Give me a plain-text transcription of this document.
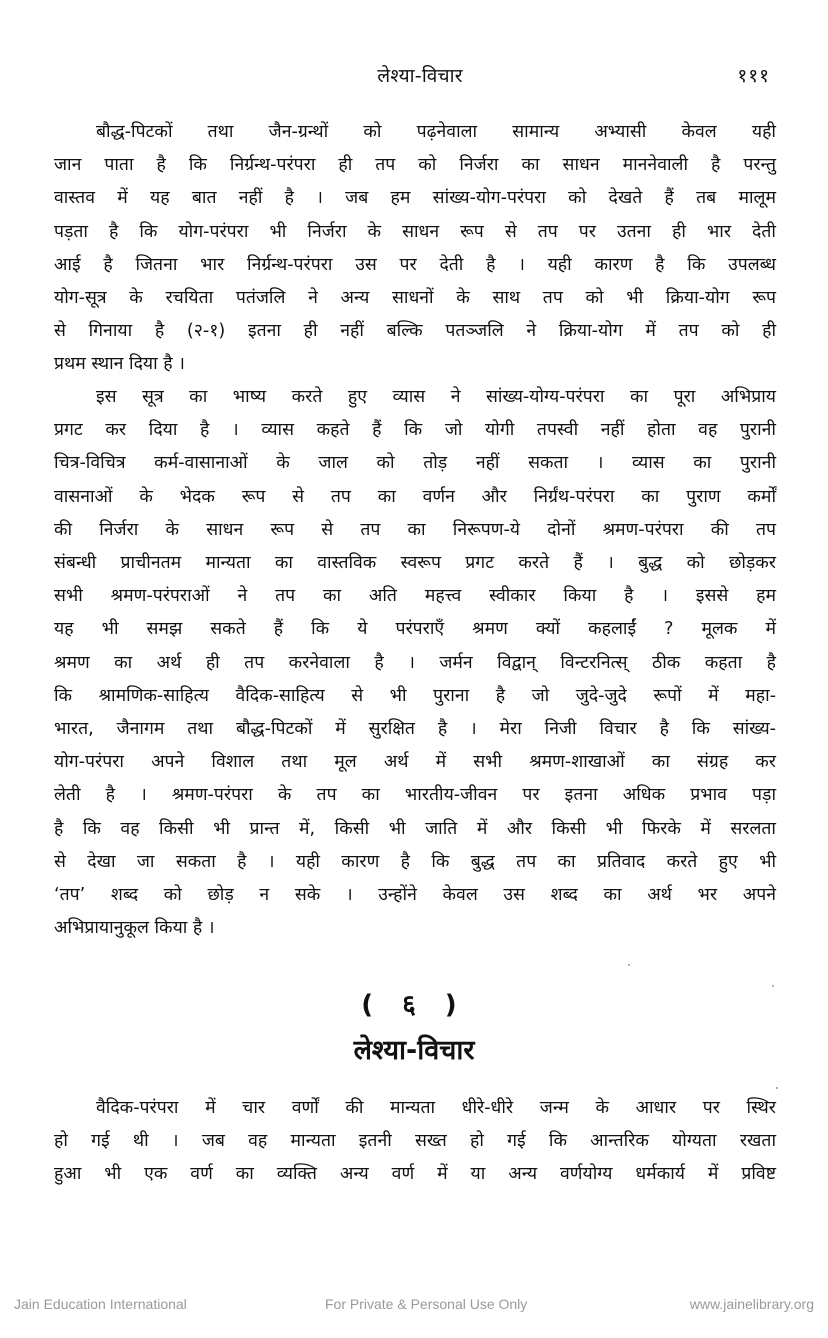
लेश्या-विचार	१११
बौद्ध-पिटकों तथा जैन-ग्रन्थों को पढ़नेवाला सामान्य अभ्यासी केवल यही
जान पाता है कि निर्ग्रन्थ-परंपरा ही तप को निर्जरा का साधन माननेवाली है परन्तु
वास्तव में यह बात नहीं है । जब हम सांख्य-योग-परंपरा को देखते हैं तब मालूम
पड़ता है कि योग-परंपरा भी निर्जरा के साधन रूप से तप पर उतना ही भार देती
आई है जितना भार निर्ग्रन्थ-परंपरा उस पर देती है । यही कारण है कि उपलब्ध
योग-सूत्र के रचयिता पतंजलि ने अन्य साधनों के साथ तप को भी क्रिया-योग रूप
से गिनाया है (२-१) इतना ही नहीं बल्कि पतञ्जलि ने क्रिया-योग में तप को ही
प्रथम स्थान दिया है ।
इस सूत्र का भाष्य करते हुए व्यास ने सांख्य-योग्य-परंपरा का पूरा अभिप्राय
प्रगट कर दिया है । व्यास कहते हैं कि जो योगी तपस्वी नहीं होता वह पुरानी
चित्र-विचित्र कर्म-वासानाओं के जाल को तोड़ नहीं सकता । व्यास का पुरानी
वासनाओं के भेदक रूप से तप का वर्णन और निर्ग्रंथ-परंपरा का पुराण कर्मों
की निर्जरा के साधन रूप से तप का निरूपण-ये दोनों श्रमण-परंपरा की तप
संबन्धी प्राचीनतम मान्यता का वास्तविक स्वरूप प्रगट करते हैं । बुद्ध को छोड़कर
सभी श्रमण-परंपराओं ने तप का अति महत्त्व स्वीकार किया है । इससे हम
यह भी समझ सकते हैं कि ये परंपराएँ श्रमण क्यों कहलाईं ? मूलक में
श्रमण का अर्थ ही तप करनेवाला है । जर्मन विद्वान् विन्टरनित्स् ठीक कहता है
कि श्रामणिक-साहित्य वैदिक-साहित्य से भी पुराना है जो जुदे-जुदे रूपों में महा-
भारत, जैनागम तथा बौद्ध-पिटकों में सुरक्षित है । मेरा निजी विचार है कि सांख्य-
योग-परंपरा अपने विशाल तथा मूल अर्थ में सभी श्रमण-शाखाओं का संग्रह कर
लेती है । श्रमण-परंपरा के तप का भारतीय-जीवन पर इतना अधिक प्रभाव पड़ा
है कि वह किसी भी प्रान्त में, किसी भी जाति में और किसी भी फिरके में सरलता
से देखा जा सकता है । यही कारण है कि बुद्ध तप का प्रतिवाद करते हुए भी
‘तप’ शब्द को छोड़ न सके । उन्होंने केवल उस शब्द का अर्थ भर अपने
अभिप्रायानुकूल किया है ।
( ६ )
लेश्या-विचार
वैदिक-परंपरा में चार वर्णों की मान्यता धीरे-धीरे जन्म के आधार पर स्थिर
हो गई थी । जब वह मान्यता इतनी सख्त हो गई कि आन्तरिक योग्यता रखता
हुआ भी एक वर्ण का व्यक्ति अन्य वर्ण में या अन्य वर्णयोग्य धर्मकार्य में प्रविष्ट
Jain Education International	For Private & Personal Use Only	www.jainelibrary.org
